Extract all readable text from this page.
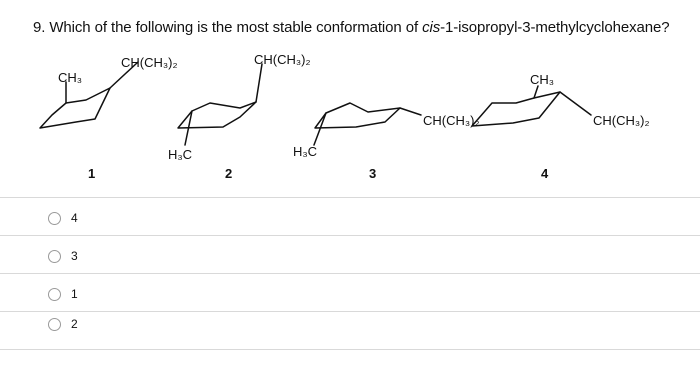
9. Which of the following is the most stable conformation of cis-1-isopropyl-3-methylcyclohexane?
CH(CH₃)₂
CH₃
CH(CH₃)₂
H₃C
CH(CH₃)₂
H₃C
CH₃
CH(CH₃)₂
1	2	3	4
4
3
1
2
